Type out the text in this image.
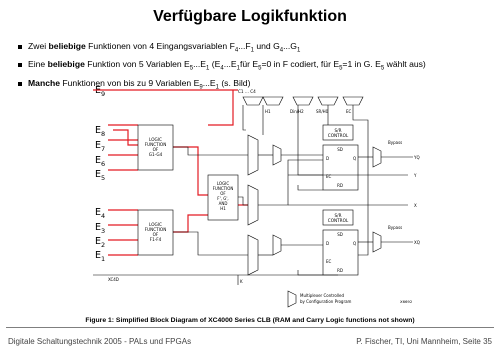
Verfügbare Logikfunktion
Zwei beliebige Funktionen von 4 Eingangsvariablen $F_4...F_1$ und $G_4...G_1$
Eine beliebige Funktion von 5 Variablen $E_5...E_1$ ($E_4...E_1für$ $E_5=0$ in F codiert, für $E_5=1$ in G. $E_5$ wählt aus)
Manche Funktionen von bis zu 9 Variablen $E_9...E_1$ (s. Bild)
$E_9$
$E_8$
$E_7$
$E_6$
$E_5$
$E_4$
$E_3$
$E_2$
$E_1$
C1 ... C4
H1	Din/H2	SR/H0	EC
LOGIC
FUNCTION
OF
G1-G4
LOGIC
FUNCTION
OF
F', G',
AND
H1
LOGIC
FUNCTION
OF
F1-F4
S/R
CONTROL
S/R
CONTROL
SD
D	Q
EC
RD
SD
D	Q
EC
RD
Bypass
YQ
Y
Bypass
XQ
X
XC4D	K
Multiplexer Controlled
by Configuration Program	X6692
Figure 1: Simplified Block Diagram of XC4000 Series CLB (RAM and Carry Logic functions not shown)
Digitale Schaltungstechnik 2005 - PALs und FPGAs	P. Fischer, TI, Uni Mannheim, Seite 35
